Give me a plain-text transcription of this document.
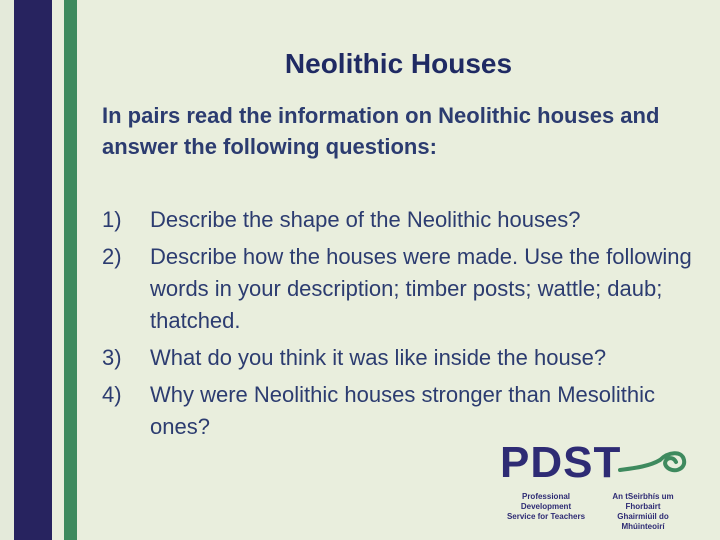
Neolithic Houses
In pairs read the information on Neolithic houses and answer the following questions:
1) Describe the shape of the Neolithic houses?
2) Describe how the houses were made. Use the following words in your description; timber posts; wattle; daub; thatched.
3) What do you think it was like inside the house?
4) Why were Neolithic houses stronger than Mesolithic ones?
PDST
Professional Development
Service for Teachers
An tSeirbhís um Fhorbairt
Ghairmiúil do Mhúinteoirí
